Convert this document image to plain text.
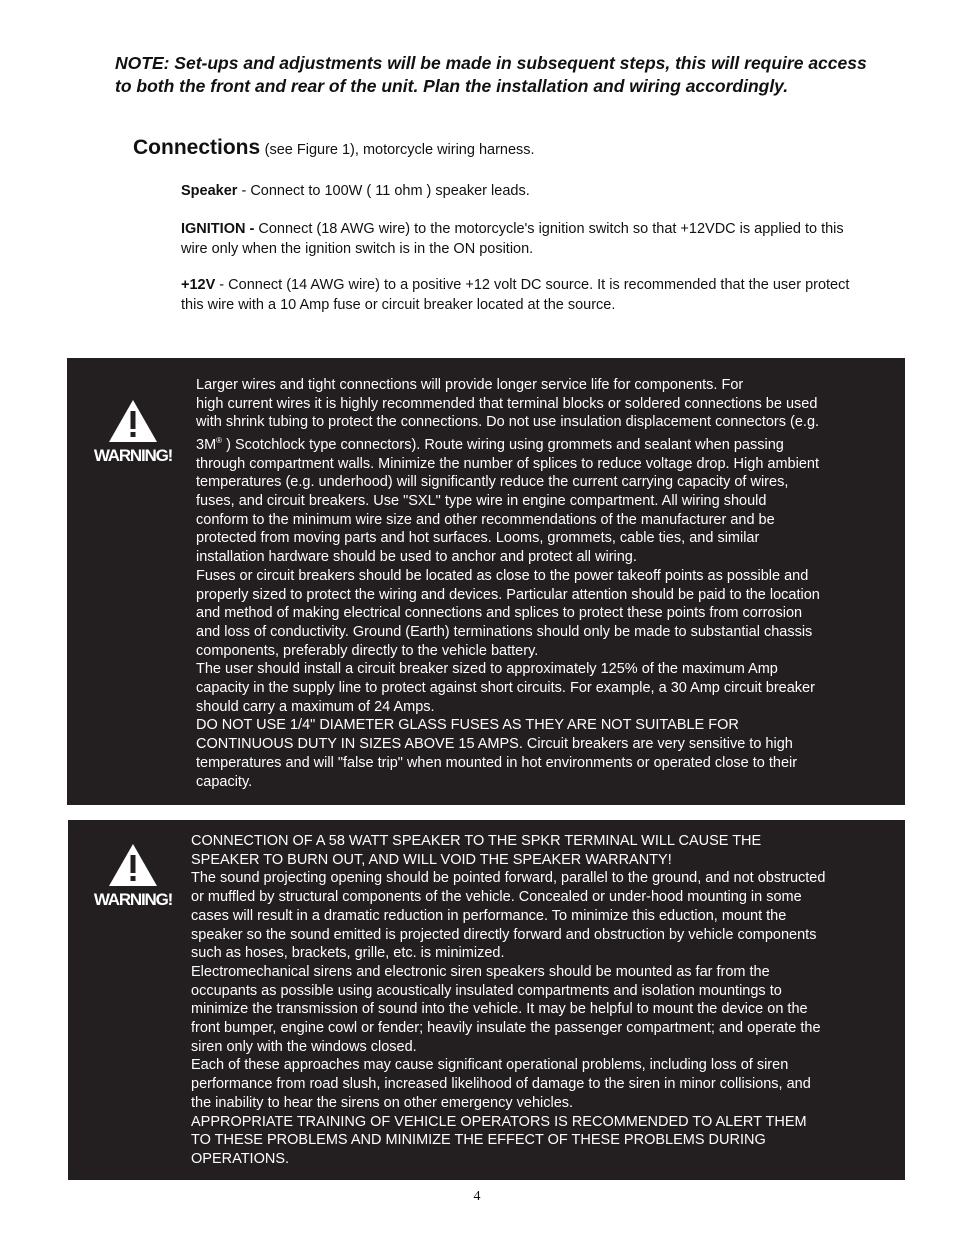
NOTE: Set-ups and adjustments will be made in subsequent steps, this will require access to both the front and rear of the unit. Plan the installation and wiring accordingly.
Connections (see Figure 1), motorcycle wiring harness.
Speaker - Connect to 100W ( 11 ohm ) speaker leads.
IGNITION - Connect (18 AWG wire) to the motorcycle's ignition switch so that +12VDC is applied to this wire only when the ignition switch is in the ON position.
+12V - Connect (14 AWG wire) to a positive +12 volt DC source. It is recommended that the user protect this wire with a 10 Amp fuse or circuit breaker located at the source.
WARNING!
Larger wires and tight connections will provide longer service life for components. For
high current wires it is highly recommended that terminal blocks or soldered connections be used
with shrink tubing to protect the connections. Do not use insulation displacement connectors (e.g.
3M® ) Scotchlock type connectors). Route wiring using grommets and sealant when passing
through compartment walls. Minimize the number of splices to reduce voltage drop. High ambient
temperatures (e.g. underhood) will significantly reduce the current carrying capacity of wires,
fuses, and circuit breakers. Use "SXL" type wire in engine compartment. All wiring should
conform to the minimum wire size and other recommendations of the manufacturer and be
protected from moving parts and hot surfaces. Looms, grommets, cable ties, and similar
installation hardware should be used to anchor and protect all wiring.
Fuses or circuit breakers should be located as close to the power takeoff points as possible and
properly sized to protect the wiring and devices. Particular attention should be paid to the location
and method of making electrical connections and splices to protect these points from corrosion
and loss of conductivity. Ground (Earth) terminations should only be made to substantial chassis
components, preferably directly to the vehicle battery.
The user should install a circuit breaker sized to approximately 125% of the maximum Amp
capacity in the supply line to protect against short circuits. For example, a 30 Amp circuit breaker
should carry a maximum of 24 Amps.
DO NOT USE 1/4" DIAMETER GLASS FUSES AS THEY ARE NOT SUITABLE FOR
CONTINUOUS DUTY IN SIZES ABOVE 15 AMPS. Circuit breakers are very sensitive to high
temperatures and will "false trip" when mounted in hot environments or operated close to their
capacity.
WARNING!
CONNECTION OF A 58 WATT SPEAKER TO THE SPKR TERMINAL WILL CAUSE THE
SPEAKER TO BURN OUT, AND WILL VOID THE SPEAKER WARRANTY!
The sound projecting opening should be pointed forward, parallel to the ground, and not obstructed
or muffled by structural components of the vehicle. Concealed or under-hood mounting in some
cases will result in a dramatic reduction in performance. To minimize this eduction, mount the
speaker so the sound emitted is projected directly forward and obstruction by vehicle components
such as hoses, brackets, grille, etc. is minimized.
Electromechanical sirens and electronic siren speakers should be mounted as far from the
occupants as possible using acoustically insulated compartments and isolation mountings to
minimize the transmission of sound into the vehicle. It may be helpful to mount the device on the
front bumper, engine cowl or fender; heavily insulate the passenger compartment; and operate the
siren only with the windows closed.
Each of these approaches may cause significant operational problems, including loss of siren
performance from road slush, increased likelihood of damage to the siren in minor collisions, and
the inability to hear the sirens on other emergency vehicles.
APPROPRIATE TRAINING OF VEHICLE OPERATORS IS RECOMMENDED TO ALERT THEM
TO THESE PROBLEMS AND MINIMIZE THE EFFECT OF THESE PROBLEMS DURING
OPERATIONS.
4
